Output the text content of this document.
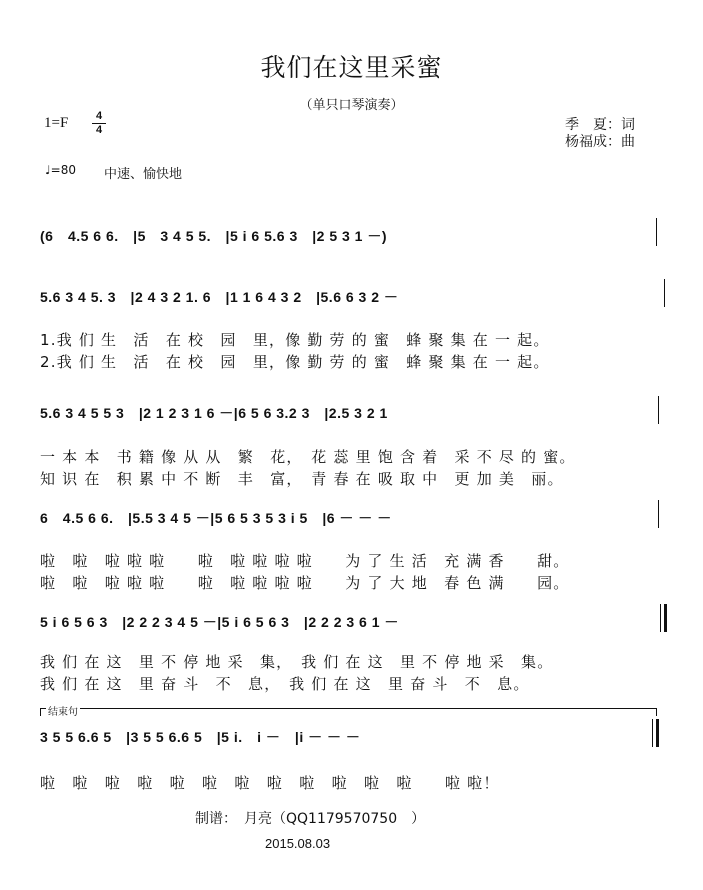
我们在这里采蜜
（单只口琴演奏）
1=F	4
4	季　夏：词
杨福成：曲
♩=80 中速、愉快地
(6　4.5 6 6.　|5　3 4 5 5.　|5 i 6 5.6 3　|2 5 3 1 －)
5.6 3 4 5. 3　|2 4 3 2 1. 6　|1 1 6 4 3 2　|5.6 6 3 2 －
5.6 3 4 5 5 3　|2 1 2 3 1 6 －|6 5 6 3.2 3　|2.5 3 2 1
6　4.5 6 6.　|5.5 3 4 5 －|5 6 5 3 5 3 i 5　|6 － － －
5 i 6 5 6 3　|2 2 2 3 4 5 －|5 i 6 5 6 3　|2 2 2 3 6 1 －
3 5 5 6.6 5　|3 5 5 6.6 5　|5 i.　i －　|i － － －
1.我 们 生　活　在 校　园　里，像 勤 劳 的 蜜　蜂 聚 集 在 一 起。
2.我 们 生　活　在 校　园　里，像 勤 劳 的 蜜　蜂 聚 集 在 一 起。
一 本 本　书 籍 像 从 从　繁　花，　花 蕊 里 饱 含 着　采 不 尽 的 蜜。
知 识 在　积 累 中 不 断　丰　富，　青 春 在 吸 取 中　更 加 美　丽。
啦　啦　啦 啦 啦　　啦　啦 啦 啦 啦　　为 了 生 活　充 满 香　　甜。
啦　啦　啦 啦 啦　　啦　啦 啦 啦 啦　　为 了 大 地　春 色 满　　园。
我 们 在 这　里 不 停 地 采　集，　我 们 在 这　里 不 停 地 采　集。
我 们 在 这　里 奋 斗　不　息，　我 们 在 这　里 奋 斗　不　息。
啦　啦　啦　啦　啦　啦　啦　啦　啦　啦　啦　啦　　啦 啦！
结束句
制谱：　月亮（QQ1179570750　）
2015.08.03
